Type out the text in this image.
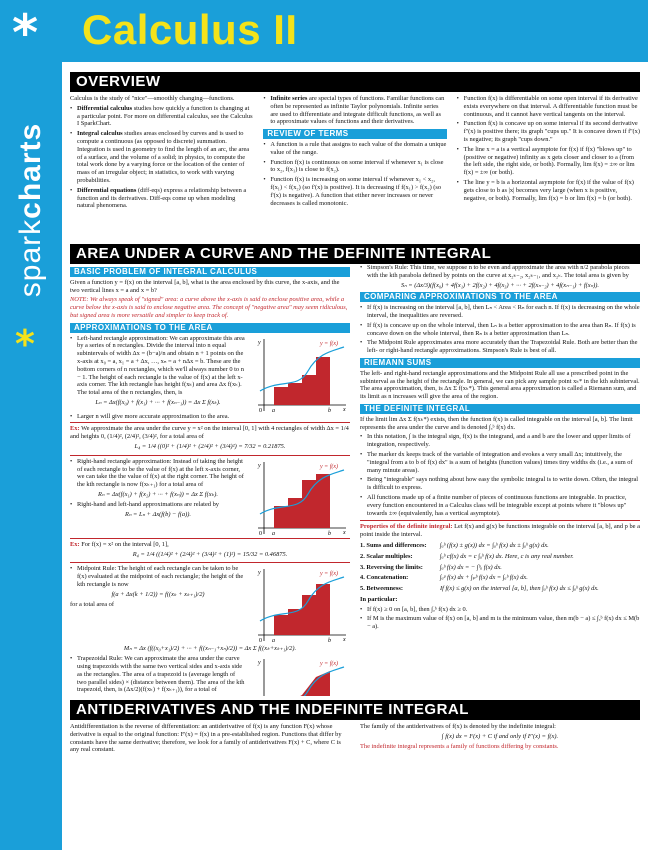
*
sparkcharts
*
Calculus II
OVERVIEW

Calculus is the study of "nice"—smoothly changing—functions.

• Differential calculus studies how quickly a function is changing at a particular point. For more on differential calculus, see the Calculus I SparkChart.
• Integral calculus studies areas enclosed by curves and is used to compute a continuous (as opposed to discrete) summation. Integration is used in geometry to find the length of an arc, the area of a surface, and the volume of a solid; in physics, to compute the total work done by a varying force or the location of the center of mass of an irregular object; in statistics, to work with varying probabilities.
• Differential equations (diff-eqs) express a relationship between a function and its derivatives. Diff-eqs come up when modeling natural phenomena.
• Infinite series are special types of functions. Familiar functions can often be represented as infinite Taylor polynomials. Infinite series are used to differentiate and integrate difficult functions, as well as to approximate values of functions and their derivatives.
REVIEW OF TERMS
• A function is a rule that assigns to each value of the domain a unique value of the range.
• Function f(x) is continuous on some interval if whenever x₁ is close to x₂, f(x₁) is close to f(x₂).
• Function f(x) is increasing on some interval if whenever x₁ < x₂, f(x₁) < f(x₂) (so f'(x) is positive). It is decreasing if f(x₁) > f(x₂) (so f'(x) is negative). A function that either never increases or never decreases is called monotonic.
• Function f(x) is differentiable on some open interval if its derivative exists everywhere on that interval. A differentiable function must be continuous, and it cannot have vertical tangents on the interval.
• Function f(x) is concave up on some interval if its second derivative f''(x) is positive there; its graph "cups up." It is concave down if f''(x) is negative; its graph "cups down."
• The line x = a is a vertical asymptote for f(x) if f(x) "blows up" to (positive or negative) infinity as x gets closer and closer to a (from the left side, the right side, or both). Formally, lim f(x) = ±∞ or lim f(x) = ±∞ (or both).
• The line y = b is a horizontal asymptote for f(x) if the value of f(x) gets close to b as |x| becomes very large (when x is positive, negative, or both). Formally, lim f(x) = b or lim f(x) = b (or both).
AREA UNDER A CURVE AND THE DEFINITE INTEGRAL
BASIC PROBLEM OF INTEGRAL CALCULUS

Given a function y = f(x) on the interval [a, b], what is the area enclosed by this curve, the x-axis, and the two vertical lines x = a and x = b?

NOTE: We always speak of "signed" area: a curve above the x-axis is said to enclose positive area, while a curve below the x-axis is said to enclose negative area. The concept of "negative area" may seem ridiculous, but signed area is more versatile and simpler to keep track of.

APPROXIMATIONS TO THE AREA
• Left-hand rectangle approximation: We can approximate this area by a series of n rectangles. Divide the interval into n equal subintervals of width Δx = (b−a)/n and obtain n + 1 points on the x-axis at x₀ = a, x₁ = a + Δx, …, xₙ = a + nΔx = b. These are the bottom corners of n rectangles, which we'll always number 0 to n − 1. The height of each rectangle is the value of f(x) at the left x-axis corner. The kth rectangle has height f(xₖ) and area Δx f(xₖ). The total area of the n rectangles, then, is
Lₙ = Δx(f(x₀) + f(x₁) + ··· + f(xₙ₋₁)) = Δx Σ f(xₖ).
y
x
y = f(x)
0 a	b
• Larger n will give more accurate approximation to the area.
Ex: We approximate the area under the curve y = x² on the interval [0, 1] with 4 rectangles of width Δx = 1/4 and heights 0, (1/4)², (2/4)², (3/4)², for a total area of
L₄ = 1/4 ((0)² + (1/4)² + (2/4)² + (3/4)²) = 7/32 = 0.21875.
• Right-hand rectangle approximation: Instead of taking the height of each rectangle to be the value of f(x) at the left x-axis corner, we can take the the value of f(x) at the right corner. The height of the kth rectangle is now f(xₖ₊₁) for a total area of
Rₙ = Δx(f(x₁) + f(x₂) + ··· + f(xₙ)) = Δx Σ f(xₖ).
• Right-hand and left-hand approximations are related by
Rₙ = Lₙ + Δx(f(b) − f(a)).
y
x
y = f(x)
0 a	b
Ex: For f(x) = x² on the interval [0, 1],
R₄ = 1/4 ((1/4)² + (2/4)² + (3/4)² + (1)²) = 15/32 = 0.46875.
• Midpoint Rule: The height of each rectangle can be taken to be f(x) evaluated at the midpoint of each rectangle; the height of the kth rectangle is now
f(a + Δx(k + 1/2)) = f((xₖ + xₖ₊₁)/2)

for a total area of

y
x
y = f(x)
0 a	b
Mₙ = Δx (f((x₀+x₁)/2) + ··· + f((xₙ₋₁+xₙ)/2)) = Δx Σ f((xₖ+xₖ₊₁)/2).
• Trapezoidal Rule: We can approximate the area under the curve using trapezoids with the same two vertical sides and x-axis side as the rectangles. The area of a trapezoid is (average length of two parallel sides) × (distance between them). The area of the kth trapezoid, then, is (Δx/2)(f(xₖ) + f(xₖ₊₁)), for a total of
y	y = f(x)
• Simpson's Rule: This time, we suppose n to be even and approximate the area with n/2 parabola pieces with the kth parabola defined by points on the curve at x₂ₖ₋₂, x₂ₖ₋₁, and x₂ₖ. The total area is given by
Sₙ = (Δx/3)(f(x₀) + 4f(x₁) + 2f(x₂) + 4f(x₃) + ··· + 2f(xₙ₋₂) + 4f(xₙ₋₁) + f(xₙ)).
COMPARING APPROXIMATIONS TO THE AREA
• If f(x) is increasing on the interval [a, b], then Lₙ < Area < Rₙ for each n. If f(x) is decreasing on the whole interval, the inequalities are reversed.
• If f(x) is concave up on the whole interval, then Lₙ is a better approximation to the area than Rₙ. If f(x) is concave down on the whole interval, then Rₙ is a better approximation than Lₙ.
• The Midpoint Rule approximates area more accurately than the Trapezoidal Rule. Both are better than the left- or right-hand rectangle approximations. Simpson's Rule is best of all.
RIEMANN SUMS

The left- and right-hand rectangle approximations and the Midpoint Rule all use a prescribed point in the subinterval as the height of the rectangle. In general, we can pick any sample point xₖ* in the kth subinterval. The area approximation, then, is Δx Σ f(xₖ*). This general area approximation is called a Riemann sum, and its limit as n increases will give the area of the region.

THE DEFINITE INTEGRAL

If the limit lim Δx Σ f(xₖ*) exists, then the function f(x) is called integrable on the interval [a, b]. The limit represents the area under the curve and is denoted ∫ₐᵇ f(x) dx.

• In this notation, ∫ is the integral sign, f(x) is the integrand, and a and b are the lower and upper limits of integration, respectively.
• The marker dx keeps track of the variable of integration and evokes a very small Δx; intuitively, the "integral from a to b of f(x) dx" is a sum of heights (function values) times tiny widths dx (i.e., a sum of many minute areas).
• Being "integrable" says nothing about how easy the symbolic integral is to write down. Often, the integral is difficult to express.
• All functions made up of a finite number of pieces of continuous functions are integrable. In practice, every function encountered in a Calculus class will be integrable except at points where it "blows up" towards ±∞ (equivalently, has a vertical asymptote).

Properties of the definite integral: Let f(x) and g(x) be functions integrable on the interval [a, b], and p be a point inside the interval.

1. Sums and differences:	∫ₐᵇ (f(x) ± g(x)) dx = ∫ₐᵇ f(x) dx ± ∫ₐᵇ g(x) dx.
2. Scalar multiples:	∫ₐᵇ cf(x) dx = c ∫ₐᵇ f(x) dx. Here, c is any real number.
3. Reversing the limits:	∫ₐᵇ f(x) dx = − ∫ᵇₐ f(x) dx.
4. Concatenation:	∫ₐᵖ f(x) dx + ∫ₚᵇ f(x) dx = ∫ₐᵇ f(x) dx.
5. Betweenness:	If f(x) ≤ g(x) on the interval [a, b], then ∫ₐᵇ f(x) dx ≤ ∫ₐᵇ g(x) dx.

In particular:

• If f(x) ≥ 0 on [a, b], then ∫ₐᵇ f(x) dx ≥ 0.
• If M is the maximum value of f(x) on [a, b] and m is the minimum value, then m(b − a) ≤ ∫ₐᵇ f(x) dx ≤ M(b − a).
ANTIDERIVATIVES AND THE INDEFINITE INTEGRAL

Antidifferentiation is the reverse of differentiation: an antiderivative of f(x) is any function F(x) whose derivative is equal to the original function: F'(x) = f(x) in a pre-established region. Functions that differ by constants have the same derivative; therefore, we look for a family of antiderivatives F(x) + C, where C is any real constant.

The family of the antiderivatives of f(x) is denoted by the indefinite integral:

∫ f(x) dx = F(x) + C if and only if F'(x) = f(x).

The indefinite integral represents a family of functions differing by constants.
